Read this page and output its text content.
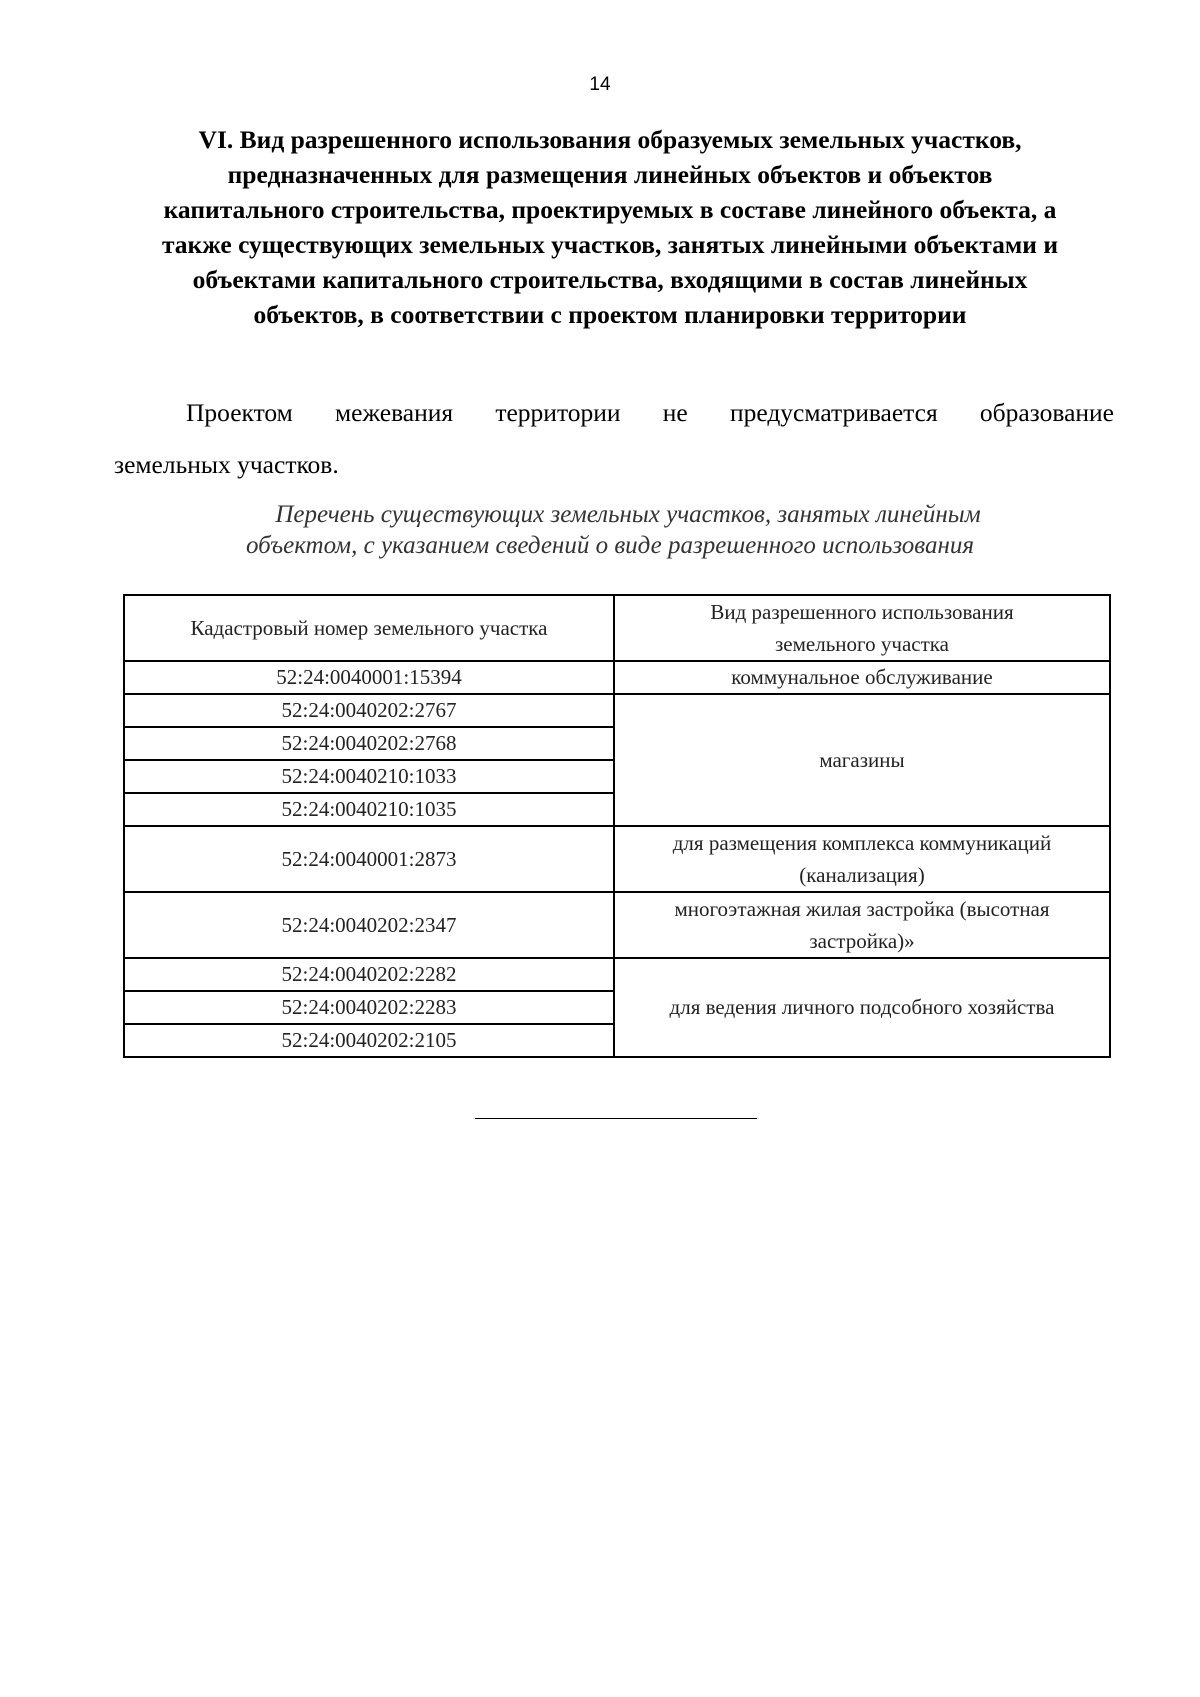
14
VI. Вид разрешенного использования образуемых земельных участков,
предназначенных для размещения линейных объектов и объектов
капитального строительства, проектируемых в составе линейного объекта, а
также существующих земельных участков, занятых линейными объектами и
объектами капитального строительства, входящими в состав линейных
объектов, в соответствии с проектом планировки территории
Проектом межевания территории не предусматривается образование
земельных участков.
Перечень существующих земельных участков, занятых линейным
объектом, с указанием сведений о виде разрешенного использования
Кадастровый номер земельного участка	Вид разрешенного использования
земельного участка

52:24:0040001:15394	коммунальное обслуживание
52:24:0040202:2767	магазины
52:24:0040202:2768	
52:24:0040210:1033	
52:24:0040210:1035	
52:24:0040001:2873	для размещения комплекса коммуникаций
(канализация)

52:24:0040202:2347	многоэтажная жилая застройка (высотная
застройка)»

52:24:0040202:2282	для ведения личного подсобного хозяйства
52:24:0040202:2283	
52:24:0040202:2105	
